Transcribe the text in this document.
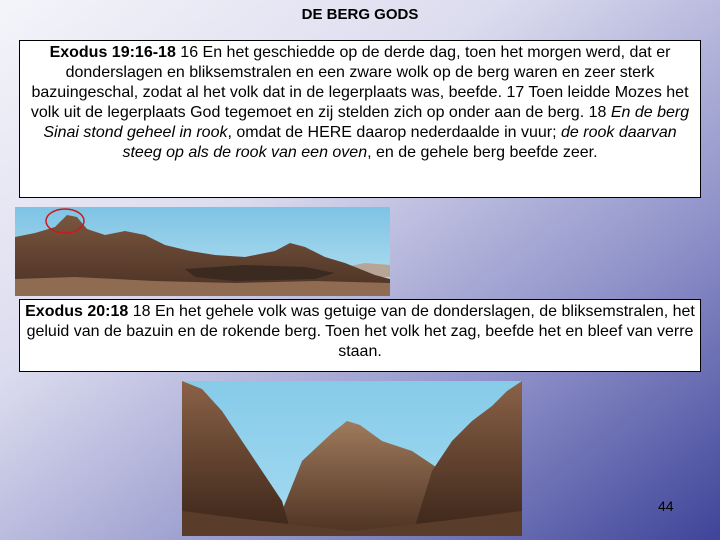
DE BERG GODS

Exodus 19:16-18 16 En het geschiedde op de derde dag, toen het morgen werd, dat er donderslagen en bliksemstralen en een zware wolk op de berg waren en zeer sterk bazuingeschal, zodat al het volk dat in de legerplaats was, beefde. 17 Toen leidde Mozes het volk uit de legerplaats God tegemoet en zij stelden zich op onder aan de berg. 18 En de berg Sinai stond geheel in rook, omdat de HERE daarop nederdaalde in vuur; de rook daarvan steeg op als de rook van een oven, en de gehele berg beefde zeer.

Exodus 20:18 18 En het gehele volk was getuige van de donderslagen, de bliksemstralen, het geluid van de bazuin en de rokende berg. Toen het volk het zag, beefde het en bleef van verre staan.

44
